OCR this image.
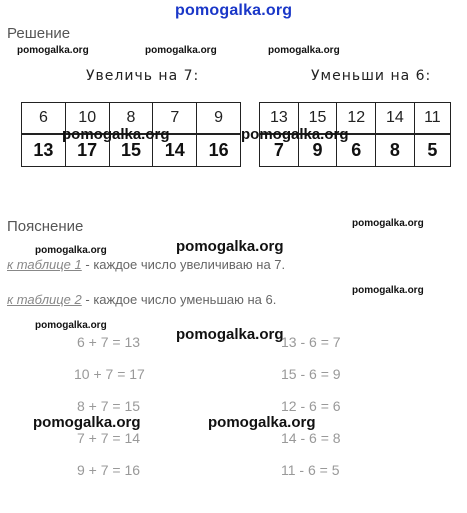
pomogalka.org
Решение
pomogalka.org	pomogalka.org	pomogalka.org
Увеличь на 7:	Уменьши на 6:
6	10	8	7	9
13	17	15	14	16
13	15	12	14	11
7	9	6	8	5
pomogalka.org	pomogalka.org
Пояснение	pomogalka.org
pomogalka.org	pomogalka.org
к таблице 1 - каждое число увеличиваю на 7.
pomogalka.org
к таблице 2 - каждое число уменьшаю на 6.
pomogalka.org
pomogalka.org
6 + 7 = 13
10 + 7 = 17
8 + 7 = 15
7 + 7 = 14
9 + 7 = 16
13 - 6 = 7
15 - 6 = 9
12 - 6 = 6
14 - 6 = 8
11 - 6 = 5
pomogalka.org	pomogalka.org
